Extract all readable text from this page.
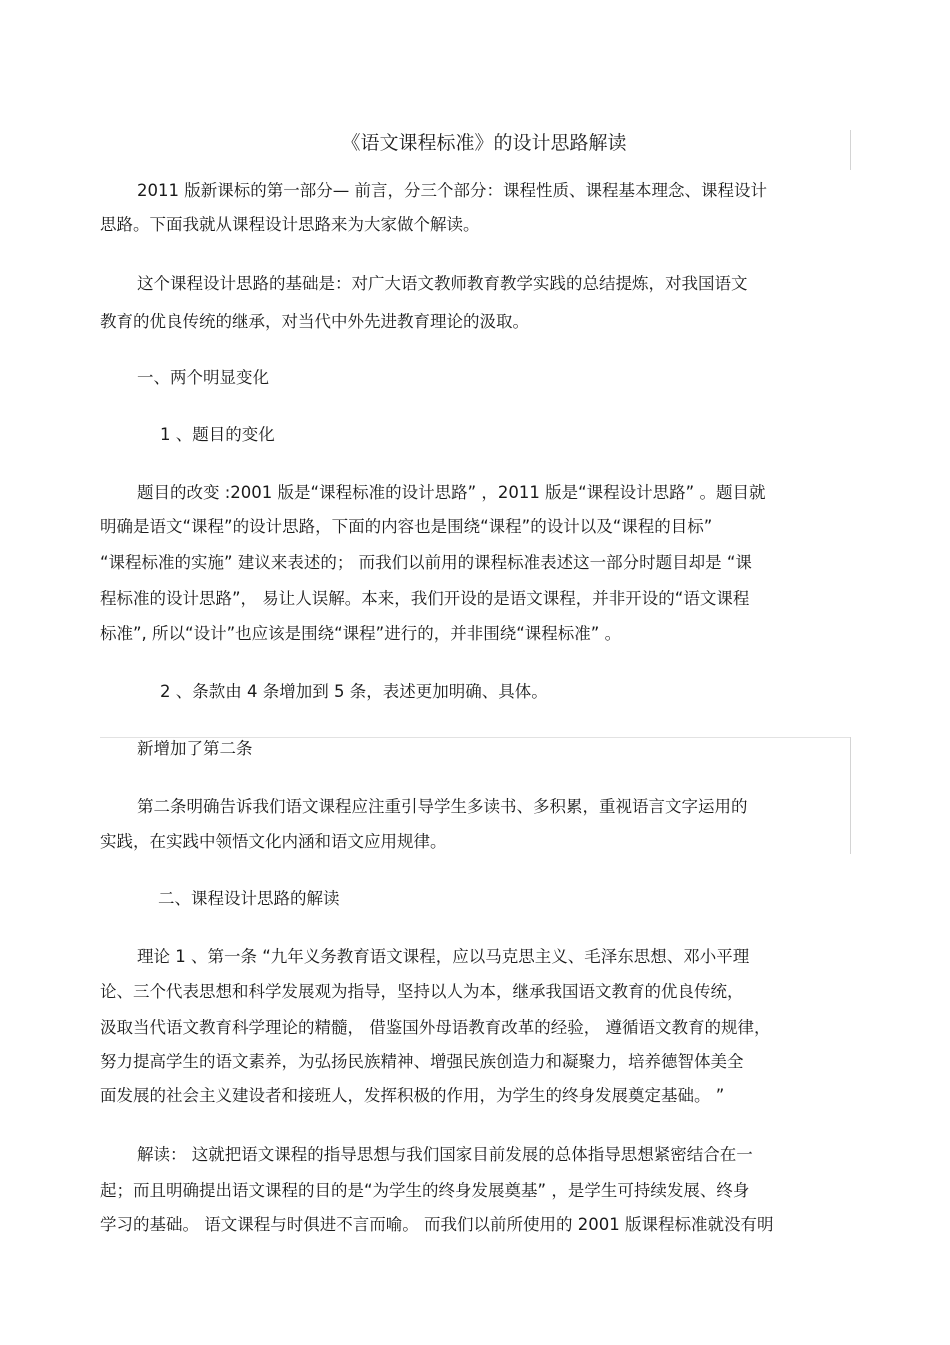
《语文课程标准》的设计思路解读
2011 版新课标的第一部分— 前言，分三个部分：课程性质、课程基本理念、课程设计
思路。下面我就从课程设计思路来为大家做个解读。
这个课程设计思路的基础是：对广大语文教师教育教学实践的总结提炼，对我国语文
教育的优良传统的继承，对当代中外先进教育理论的汲取。
一、两个明显变化
1 、题目的变化
题目的改变 :2001 版是“课程标准的设计思路” ，2011 版是“课程设计思路” 。题目就
明确是语文“课程”的设计思路，下面的内容也是围绕“课程”的设计以及“课程的目标”
“课程标准的实施” 建议来表述的； 而我们以前用的课程标准表述这一部分时题目却是 “课
程标准的设计思路”， 易让人误解。本来，我们开设的是语文课程，并非开设的“语文课程
标准”, 所以“设计”也应该是围绕“课程”进行的，并非围绕“课程标准” 。
2 、条款由 4 条增加到 5 条，表述更加明确、具体。
新增加了第二条
第二条明确告诉我们语文课程应注重引导学生多读书、多积累，重视语言文字运用的
实践，在实践中领悟文化内涵和语文应用规律。
二、课程设计思路的解读
理论 1 、第一条 “九年义务教育语文课程，应以马克思主义、毛泽东思想、邓小平理
论、三个代表思想和科学发展观为指导，坚持以人为本，继承我国语文教育的优良传统，
汲取当代语文教育科学理论的精髓， 借鉴国外母语教育改革的经验， 遵循语文教育的规律，
努力提高学生的语文素养，为弘扬民族精神、增强民族创造力和凝聚力，培养德智体美全
面发展的社会主义建设者和接班人，发挥积极的作用，为学生的终身发展奠定基础。 ”
解读： 这就把语文课程的指导思想与我们国家目前发展的总体指导思想紧密结合在一
起；而且明确提出语文课程的目的是“为学生的终身发展奠基” ，是学生可持续发展、终身
学习的基础。 语文课程与时俱进不言而喻。 而我们以前所使用的 2001 版课程标准就没有明
